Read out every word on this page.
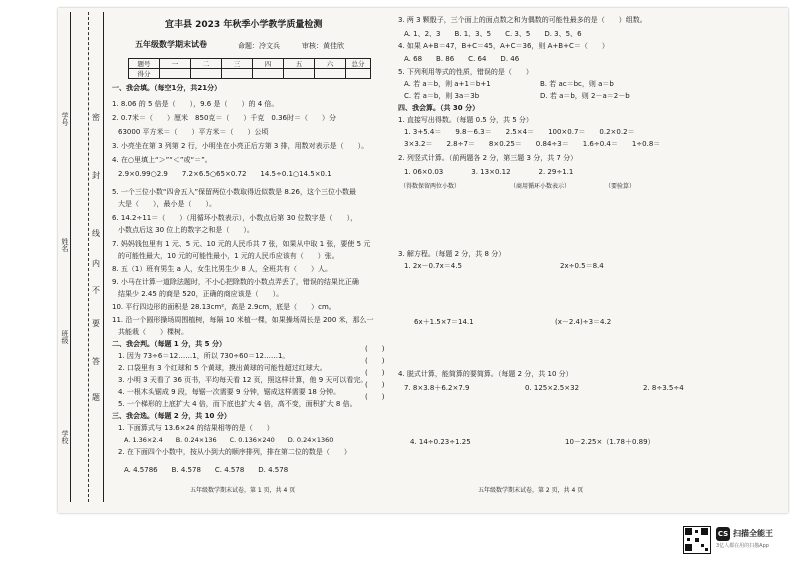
学号
姓名
班级
学校
密
封
线
内
不
要
答
题
宜丰县 2023 年秋季小学教学质量检测
五年级数学期末试卷	命题：冷文兵	审核：黄佳欣
题号	一	二	三	四	五	六	总分
得分							
一、我会填。（每空1分，共21分）
1. 8.06 的 5 倍是（　　），9.6 是（　　）的 4 倍。
2. 0.7米＝（　　）厘米　850克＝（　　）千克　0.36时＝（　　）分
63000 平方米＝（　　）平方米＝（　　）公顷
3. 小亮坐在第 3 列第 2 行，小明坐在小亮正后方第 3 排，用数对表示是（　　）。
4. 在○里填上“＞”“＜”或“＝”。
2.9×0.99○2.9　　7.2×6.5○65×0.72　　14.5÷0.1○14.5×0.1
5. 一个三位小数“四舍五入”保留两位小数取得近似数是 8.26，这个三位小数最
大是（　　），最小是（　　）。
6. 14.2÷11＝（　　）（用循环小数表示），小数点后第 30 位数字是（　　），
小数点后这 30 位上的数字之和是（　　）。
7. 妈妈钱包里有 1 元、5 元、10 元的人民币共 7 张，如果从中取 1 张，要使 5 元
的可能性最大，10 元的可能性最小，1 元的人民币应该有（　　）张。
8. 五（1）班有男生 a 人，女生比男生少 8 人，全班共有（　　）人。
9. 小马在计算一道除法题时，不小心把除数的小数点弄丢了，错误的结果比正确
结果少 2.45 的商是 520，正确的商应该是（　　）。
10. 平行四边形的面积是 28.13cm²，高是 2.9cm，底是（　　）cm。
11. 沿一个圆形操场周围植树，每隔 10 米植一棵，如果操场周长是 200 米，那么一
共能栽（　　）棵树。
二、我会判。（每题 1 分，共 5 分）
1. 因为 73÷6＝12……1，所以 730÷60＝12……1。
2. 口袋里有 3 个红球和 5 个黄球，摸出黄球的可能性超过红球大。
3. 小明 3 天看了 36 页书，平均每天看 12 页，照这样计算，他 9 天可以看完。
4. 一根木头锯成 9 段，每锯一次需要 9 分钟，锯成这样需要 18 分钟。
5. 一个梯形的上底扩大 4 倍，而下底也扩大 4 倍，高不变，面积扩大 8 倍。
(　　)
(　　)
(　　)
(　　)
(　　)
三、我会选。（每题 2 分，共 10 分）
1. 下面算式与 13.6×24 的结果相等的是（　　）
A. 1.36×2.4　　B. 0.24×136　　C. 0.136×240　　D. 0.24×1360
2. 在下面四个小数中，按从小到大的顺序排列，排在第二位的数是（　　）
A. 4.5786　　B. 4.578　　C. 4.578　　D. 4.578
五年级数学期末试卷，第 1 页，共 4 页
3. 两 3 颗骰子，三个面上的面点数之和为偶数的可能性最多的是（　　）组数。
A. 1、2、3　　B. 1、3、5　　C. 3、5　　D. 3、5、6
4. 如果 A+B＝47，B+C＝45，A+C＝36，则 A+B+C＝（　　）
A. 68　　B. 86　　C. 64　　D. 46
5. 下列利用等式的性质，错误的是（　　）
A. 若 a＝b，则 a+1＝b+1	B. 若 ac＝bc，则 a＝b
C. 若 a＝b，则 3a＝3b	D. 若 a＝b，则 2－a＝2－b
四、我会算。（共 30 分）
1. 直接写出得数。（每题 0.5 分，共 5 分）
1. 3+5.4＝　　9.8－6.3＝　　2.5×4＝　　100×0.7＝　　0.2×0.2＝
3×3.2＝　　2.8÷7＝　　8×0.25＝　　0.84÷3＝　　1.6÷0.4＝　　1÷0.8＝
2. 列竖式计算。（前两题各 2 分，第三题 3 分，共 7 分）
1. 06×0.03　　　　3. 13×0.12　　　　2. 29÷1.1
（得数保留两位小数）	（商用循环小数表示）	（要验算）
3. 解方程。（每题 2 分，共 8 分）
1. 2x－0.7x＝4.5	2x÷0.5＝8.4
6x＋1.5×7＝14.1	(x－2.4)÷3＝4.2
4. 脱式计算，能简算的要简算。（每题 2 分，共 10 分）
7. 8×3.8＋6.2×7.9	0. 125×2.5×32	2. 8÷3.5÷4
4. 14÷0.23÷1.25	10－2.25×（1.78＋0.89）
五年级数学期末试卷，第 2 页，共 4 页
CS 扫描全能王
3亿人都在用的扫描App
